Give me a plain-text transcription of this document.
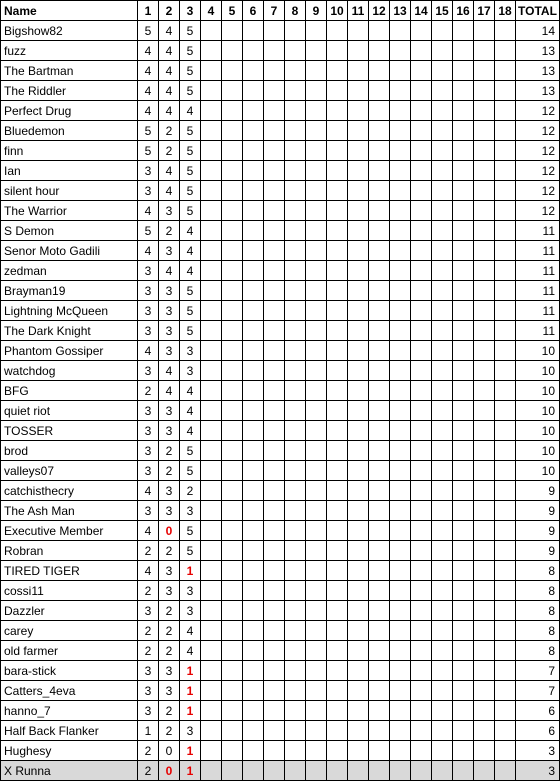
Name	1	2	3	4	5	6	7	8	9	10	11	12	13	14	15	16	17	18	TOTAL
Bigshow82	5	4	5																14
fuzz	4	4	5																13
The Bartman	4	4	5																13
The Riddler	4	4	5																13
Perfect Drug	4	4	4																12
Bluedemon	5	2	5																12
finn	5	2	5																12
Ian	3	4	5																12
silent hour	3	4	5																12
The Warrior	4	3	5																12
S Demon	5	2	4																11
Senor Moto Gadili	4	3	4																11
zedman	3	4	4																11
Brayman19	3	3	5																11
Lightning McQueen	3	3	5																11
The Dark Knight	3	3	5																11
Phantom Gossiper	4	3	3																10
watchdog	3	4	3																10
BFG	2	4	4																10
quiet riot	3	3	4																10
TOSSER	3	3	4																10
brod	3	2	5																10
valleys07	3	2	5																10
catchisthecry	4	3	2																9
The Ash Man	3	3	3																9
Executive Member	4	0	5																9
Robran	2	2	5																9
TIRED TIGER	4	3	1																8
cossi11	2	3	3																8
Dazzler	3	2	3																8
carey	2	2	4																8
old farmer	2	2	4																8
bara-stick	3	3	1																7
Catters_4eva	3	3	1																7
hanno_7	3	2	1																6
Half Back Flanker	1	2	3																6
Hughesy	2	0	1																3
X Runna	2	0	1																3
